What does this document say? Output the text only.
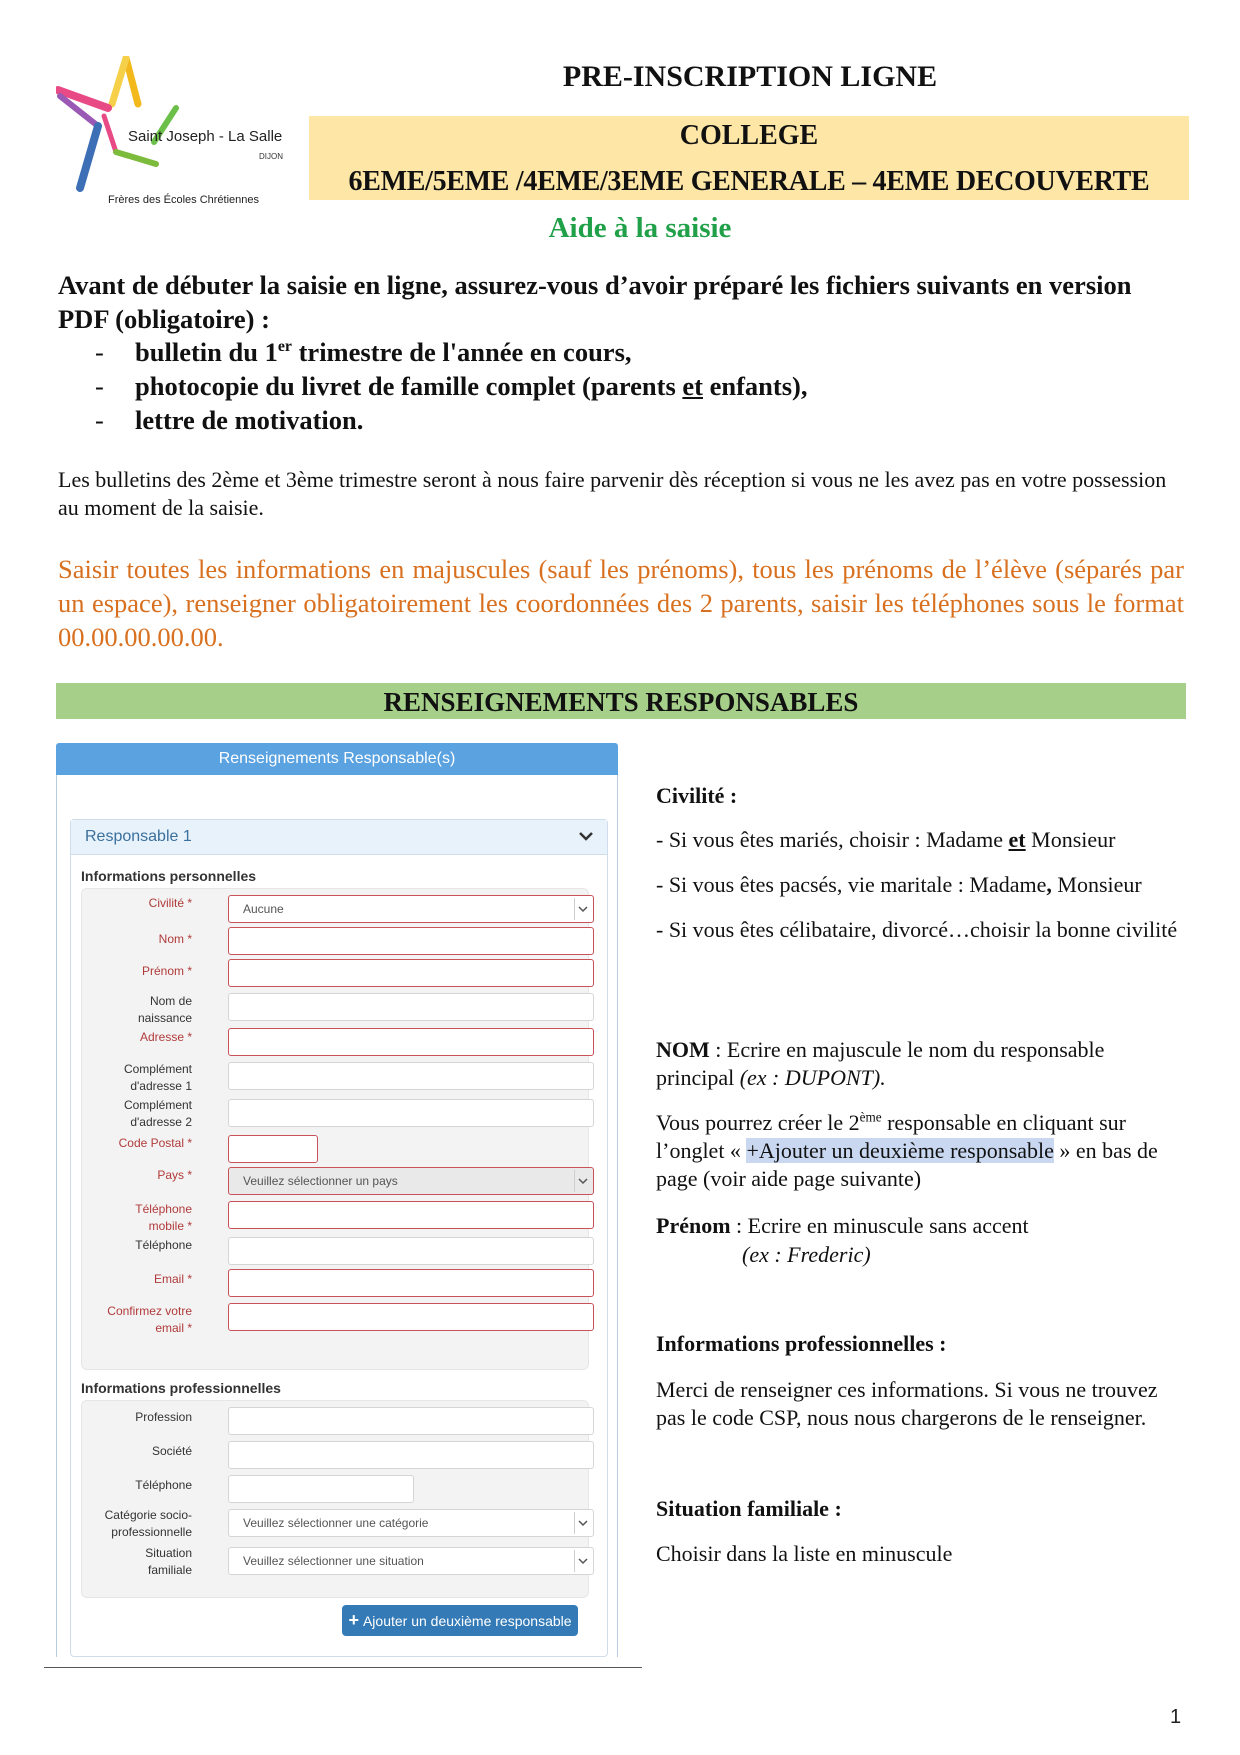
Saint Joseph - La Salle
DIJON
Frères des Écoles Chrétiennes
PRE-INSCRIPTION LIGNE
COLLEGE
6EME/5EME /4EME/3EME GENERALE – 4EME DECOUVERTE
Aide à la saisie
Avant de débuter la saisie en ligne, assurez-vous d’avoir préparé les fichiers suivants en version PDF (obligatoire) :
- bulletin du 1er trimestre de l'année en cours,
- photocopie du livret de famille complet (parents et enfants),
- lettre de motivation.
Les bulletins des 2ème et 3ème trimestre seront à nous faire parvenir dès réception si vous ne les avez pas en votre possession au moment de la saisie.
Saisir toutes les informations en majuscules (sauf les prénoms), tous les prénoms de l’élève (séparés par un espace), renseigner obligatoirement les coordonnées des 2 parents, saisir les téléphones sous le format 00.00.00.00.00.
RENSEIGNEMENTS RESPONSABLES
Renseignements Responsable(s)
Responsable 1
Informations personnelles
Civilité *	Aucune
Nom *
Prénom *
Nom de
naissance
Adresse *
Complément
d'adresse 1
Complément
d'adresse 2
Code Postal *
Pays *	Veuillez sélectionner un pays
Téléphone
mobile *
Téléphone
Email *
Confirmez votre
email *
Informations professionnelles
Profession
Société
Téléphone
Catégorie socio-
professionnelle
Veuillez sélectionner une catégorie
Situation
familiale
Veuillez sélectionner une situation
+ Ajouter un deuxième responsable
Civilité :
- Si vous êtes mariés, choisir : Madame et Monsieur
- Si vous êtes pacsés, vie maritale : Madame, Monsieur
- Si vous êtes célibataire, divorcé…choisir la bonne civilité
NOM : Ecrire en majuscule le nom du responsable principal (ex : DUPONT).
Vous pourrez créer le 2ème responsable en cliquant sur l’onglet « +Ajouter un deuxième responsable » en bas de page (voir aide page suivante)
Prénom : Ecrire en minuscule sans accent
(ex : Frederic)
Informations professionnelles :
Merci de renseigner ces informations. Si vous ne trouvez pas le code CSP, nous nous chargerons de le renseigner.
Situation familiale :
Choisir dans la liste en minuscule
1
